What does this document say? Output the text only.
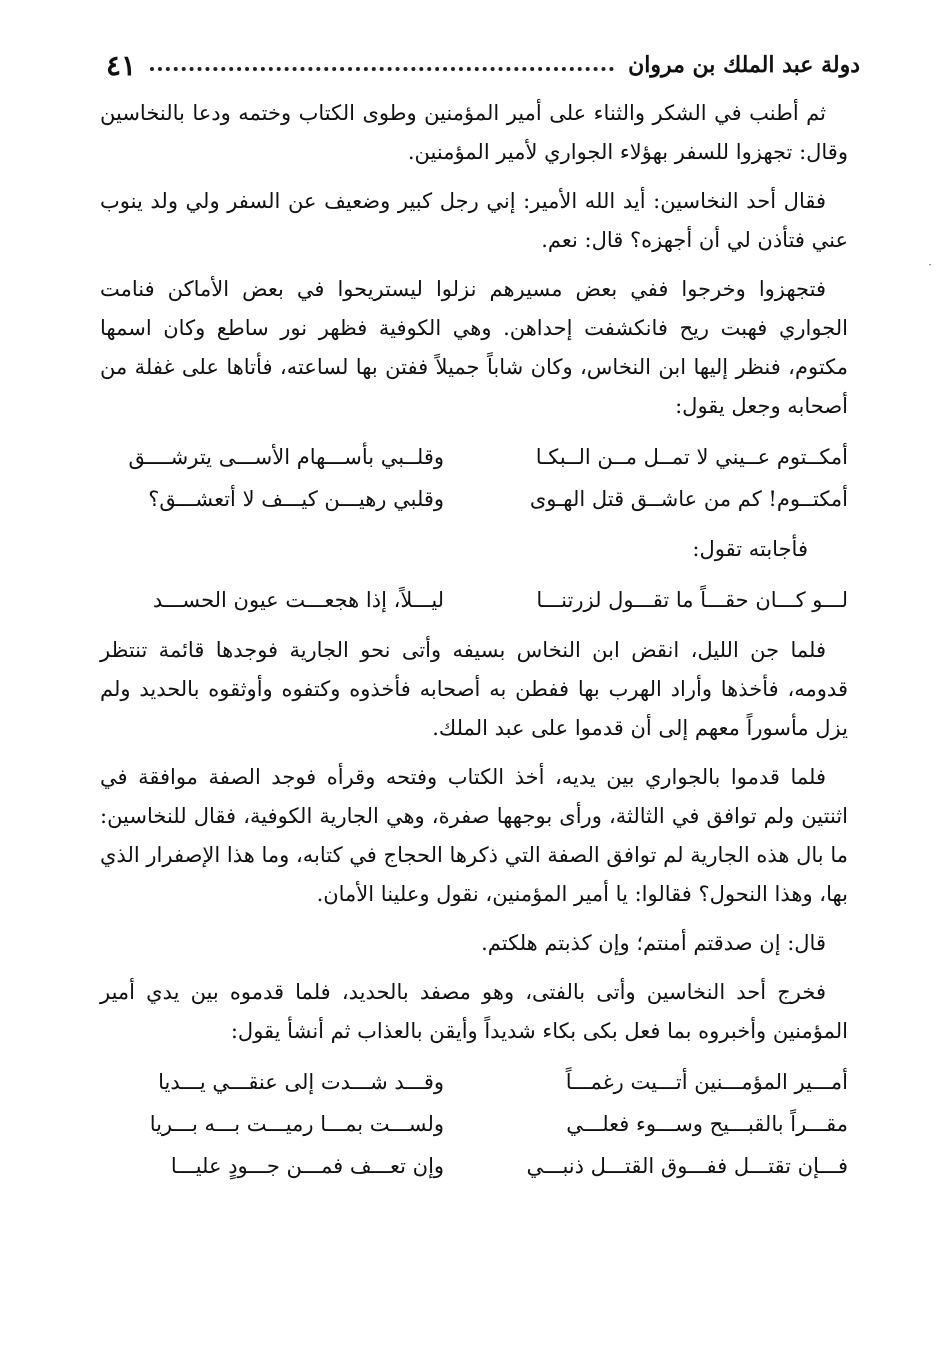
دولة عبد الملك بن مروان
٤١

ثم أطنب في الشكر والثناء على أمير المؤمنين وطوى الكتاب وختمه ودعا بالنخاسين وقال: تجهزوا للسفر بهؤلاء الجواري لأمير المؤمنين.

فقال أحد النخاسين: أيد الله الأمير: إني رجل كبير وضعيف عن السفر ولي ولد ينوب عني فتأذن لي أن أجهزه؟ قال: نعم.

فتجهزوا وخرجوا ففي بعض مسيرهم نزلوا ليستريحوا في بعض الأماكن فنامت الجواري فهبت ريح فانكشفت إحداهن. وهي الكوفية فظهر نور ساطع وكان اسمها مكتوم، فنظر إليها ابن النخاس، وكان شاباً جميلاً ففتن بها لساعته، فأتاها على غفلة من أصحابه وجعل يقول:

أمكــتوم عــيني لا تمــل مــن الــبكـا
وقلــبي بأســـهام الأســـى يترشــــق
أمكتــوم! كم من عاشــق قتل الهـوى
وقلبي رهيـــن كيـــف لا أتعشـــق؟

فأجابته تقول:

لـــو كـــان حقـــاً ما تقـــول لزرتنـــا
ليـــلاً، إذا هجعـــت عيون الحســـد

فلما جن الليل، انقض ابن النخاس بسيفه وأتى نحو الجارية فوجدها قائمة تنتظر قدومه، فأخذها وأراد الهرب بها ففطن به أصحابه فأخذوه وكتفوه وأوثقوه بالحديد ولم يزل مأسوراً معهم إلى أن قدموا على عبد الملك.

فلما قدموا بالجواري بين يديه، أخذ الكتاب وفتحه وقرأه فوجد الصفة موافقة في اثنتين ولم توافق في الثالثة، ورأى بوجهها صفرة، وهي الجارية الكوفية، فقال للنخاسين: ما بال هذه الجارية لم توافق الصفة التي ذكرها الحجاج في كتابه، وما هذا الإصفرار الذي بها، وهذا النحول؟ فقالوا: يا أمير المؤمنين، نقول وعلينا الأمان.

قال: إن صدقتم أمنتم؛ وإن كذبتم هلكتم.

فخرج أحد النخاسين وأتى بالفتى، وهو مصفد بالحديد، فلما قدموه بين يدي أمير المؤمنين وأخبروه بما فعل بكى بكاء شديداً وأيقن بالعذاب ثم أنشأ يقول:

أمـــير المؤمـــنين أتـــيت رغمـــاً
وقـــد شـــدت إلى عنقـــي يـــديا
مقـــراً بالقبـــيح وســـوء فعلـــي
ولســـت بمـــا رميـــت بـــه بـــريا
فـــإن تقتـــل ففـــوق القتـــل ذنبـــي
وإن تعـــف فمـــن جـــودٍ عليـــا
·
